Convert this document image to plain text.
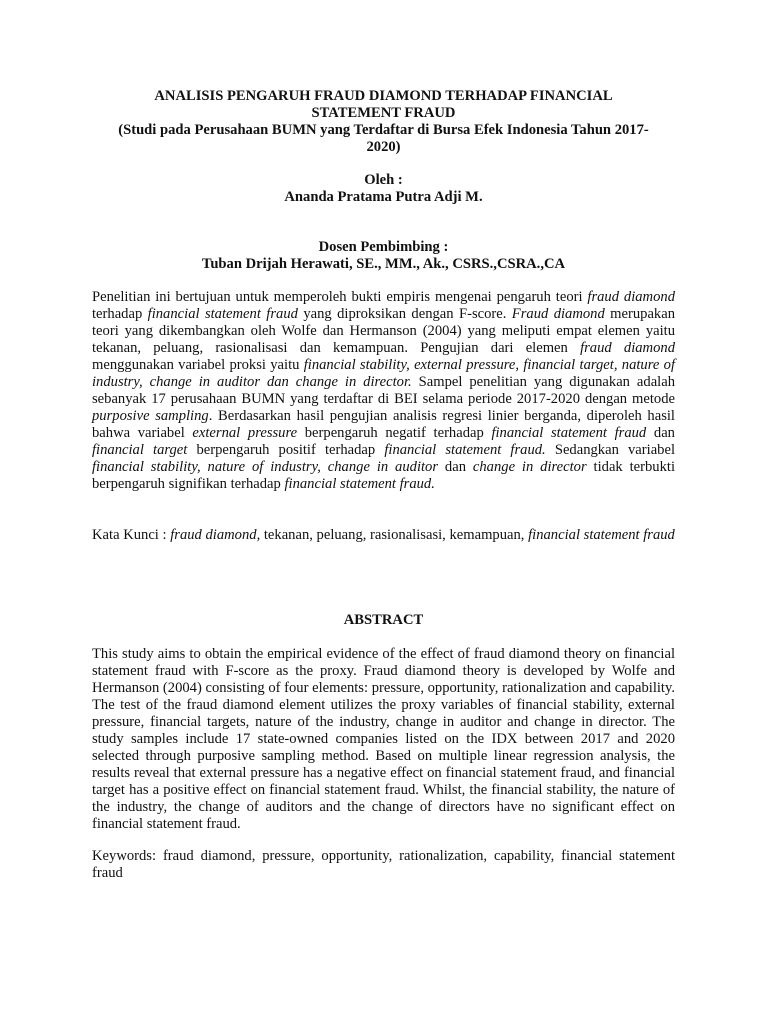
ANALISIS PENGARUH FRAUD DIAMOND TERHADAP FINANCIAL
STATEMENT FRAUD
(Studi pada Perusahaan BUMN yang Terdaftar di Bursa Efek Indonesia Tahun 2017-
2020)
Oleh :
Ananda Pratama Putra Adji M.
Dosen Pembimbing :
Tuban Drijah Herawati, SE., MM., Ak., CSRS.,CSRA.,CA

Penelitian ini bertujuan untuk memperoleh bukti empiris mengenai pengaruh teori fraud diamond terhadap financial statement fraud yang diproksikan dengan F-score. Fraud diamond merupakan teori yang dikembangkan oleh Wolfe dan Hermanson (2004) yang meliputi empat elemen yaitu tekanan, peluang, rasionalisasi dan kemampuan. Pengujian dari elemen fraud diamond menggunakan variabel proksi yaitu financial stability, external pressure, financial target, nature of industry, change in auditor dan change in director. Sampel penelitian yang digunakan adalah sebanyak 17 perusahaan BUMN yang terdaftar di BEI selama periode 2017-2020 dengan metode purposive sampling. Berdasarkan hasil pengujian analisis regresi linier berganda, diperoleh hasil bahwa variabel external pressure berpengaruh negatif terhadap financial statement fraud dan financial target berpengaruh positif terhadap financial statement fraud. Sedangkan variabel financial stability, nature of industry, change in auditor dan change in director tidak terbukti berpengaruh signifikan terhadap financial statement fraud.

Kata Kunci : fraud diamond, tekanan, peluang, rasionalisasi, kemampuan, financial statement fraud

ABSTRACT

This study aims to obtain the empirical evidence of the effect of fraud diamond theory on financial statement fraud with F-score as the proxy. Fraud diamond theory is developed by Wolfe and Hermanson (2004) consisting of four elements: pressure, opportunity, rationalization and capability. The test of the fraud diamond element utilizes the proxy variables of financial stability, external pressure, financial targets, nature of the industry, change in auditor and change in director. The study samples include 17 state-owned companies listed on the IDX between 2017 and 2020 selected through purposive sampling method. Based on multiple linear regression analysis, the results reveal that external pressure has a negative effect on financial statement fraud, and financial target has a positive effect on financial statement fraud. Whilst, the financial stability, the nature of the industry, the change of auditors and the change of directors have no significant effect on financial statement fraud.

Keywords: fraud diamond, pressure, opportunity, rationalization, capability, financial statement fraud
